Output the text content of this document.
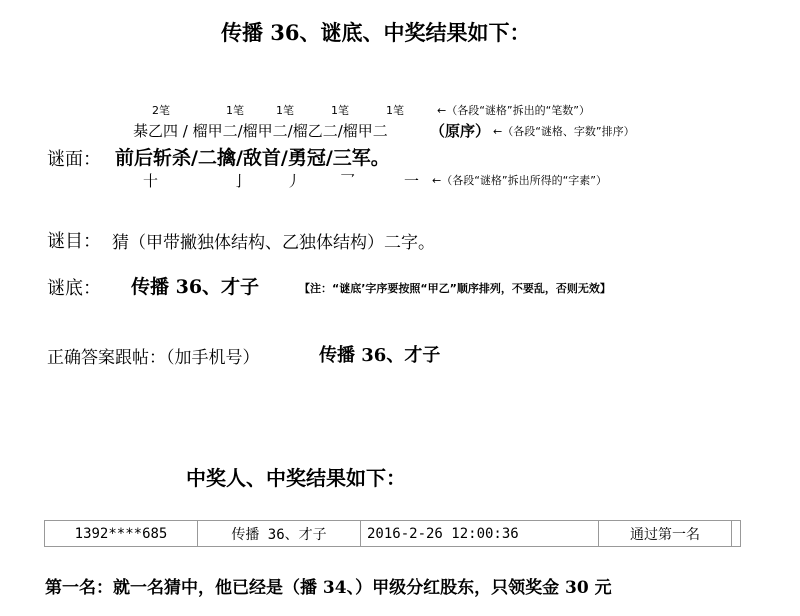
传播 36、谜底、中奖结果如下：
2笔	1笔	1笔	1笔	1笔	←（各段“谜格”拆出的“笔数”）
棊乙四 / 榴甲二/榴甲二/榴乙二/榴甲二	（原序） ←（各段“谜格、字数”排序）
谜面： 前后斩杀/二擒/敌首/勇冠/三军。
十	亅	丿	乛	一 ←（各段“谜格”拆出所得的“字素”）
谜目： 猜（甲带撇独体结构、乙独体结构）二字。
谜底： 传播 36、才子	【注：“谜底’字序要按照“甲乙”顺序排列，不要乱，否则无效】
正确答案跟帖：（加手机号）	传播 36、才子
中奖人、中奖结果如下：
1392****685	传播 36、才子	2016-2-26 12:00:36	通过第一名	
第一名：就一名猜中，他已经是（播 34、）甲级分红股东，只领奖金 30 元
